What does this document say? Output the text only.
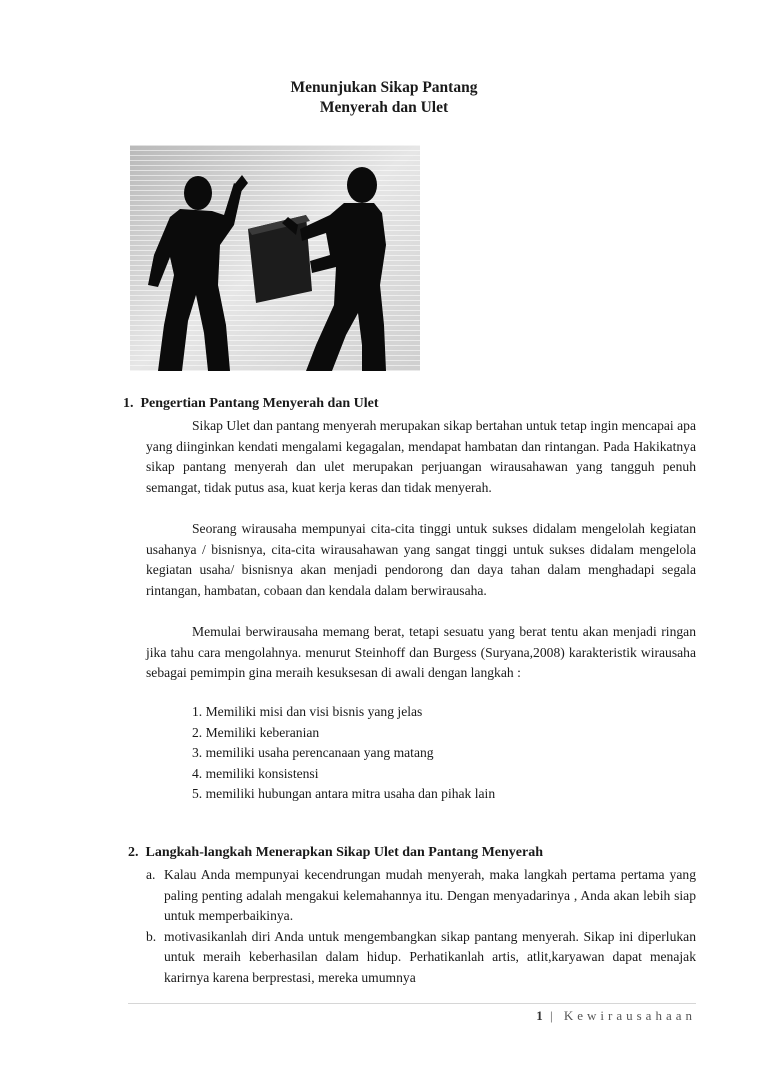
Menunjukan Sikap Pantang
Menyerah dan Ulet
1. Pengertian Pantang Menyerah dan Ulet

Sikap Ulet dan pantang menyerah merupakan sikap bertahan untuk tetap ingin mencapai apa yang diinginkan kendati mengalami kegagalan, mendapat hambatan dan rintangan. Pada Hakikatnya sikap pantang menyerah dan ulet merupakan perjuangan wirausahawan yang tangguh penuh semangat, tidak putus asa, kuat kerja keras dan tidak menyerah.

Seorang wirausaha mempunyai cita-cita tinggi untuk sukses didalam mengelolah kegiatan usahanya / bisnisnya, cita-cita wirausahawan yang sangat tinggi untuk sukses didalam mengelola kegiatan usaha/ bisnisnya akan menjadi pendorong dan daya tahan dalam menghadapi segala rintangan, hambatan, cobaan dan kendala dalam berwirausaha.

Memulai berwirausaha memang berat, tetapi sesuatu yang berat tentu akan menjadi ringan jika tahu cara mengolahnya. menurut Steinhoff dan Burgess (Suryana,2008) karakteristik wirausaha sebagai pemimpin gina meraih kesuksesan di awali dengan langkah :

1. Memiliki misi dan visi bisnis yang jelas
2. Memiliki keberanian
3. memiliki usaha perencanaan yang matang
4. memiliki konsistensi
5. memiliki hubungan antara mitra usaha dan pihak lain
2. Langkah-langkah Menerapkan Sikap Ulet dan Pantang Menyerah
a. Kalau Anda mempunyai kecendrungan mudah menyerah, maka langkah pertama pertama yang paling penting adalah mengakui kelemahannya itu. Dengan menyadarinya , Anda akan lebih siap untuk memperbaikinya.
b. motivasikanlah diri Anda untuk mengembangkan sikap pantang menyerah. Sikap ini diperlukan untuk meraih keberhasilan dalam hidup. Perhatikanlah artis, atlit,karyawan dapat menajak karirnya karena berprestasi, mereka umumnya
1 | Kewirausahaan
